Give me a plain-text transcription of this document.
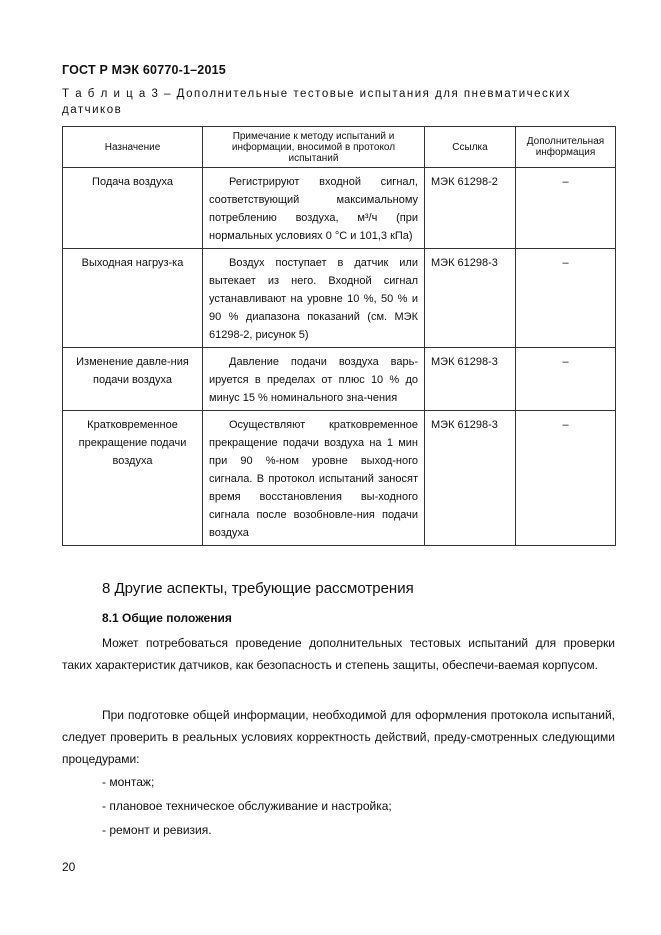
ГОСТ Р МЭК 60770-1–2015
Т а б л и ц а 3 – Дополнительные тестовые испытания для пневматических датчиков
Назначение	Примечание к методу испытаний и информации, вносимой в протокол испытаний	Ссылка	Дополнительная информация
Подача воздуха	Регистрируют входной сигнал, соответствующий максимальному потреблению воздуха, м³/ч (при нормальных условиях 0 °С и 101,3 кПа)	МЭК 61298-2	–
Выходная нагруз-ка	Воздух поступает в датчик или вытекает из него. Входной сигнал устанавливают на уровне 10 %, 50 % и 90 % диапазона показаний (см. МЭК 61298-2, рисунок 5)	МЭК 61298-3	–
Изменение давле-ния подачи воздуха	Давление подачи воздуха варь-ируется в пределах от плюс 10 % до минус 15 % номинального зна-чения	МЭК 61298-3	–
Кратковременное прекращение подачи воздуха	Осуществляют кратковременное прекращение подачи воздуха на 1 мин при 90 %-ном уровне выход-ного сигнала. В протокол испытаний заносят время восстановления вы-ходного сигнала после возобновле-ния подачи воздуха	МЭК 61298-3	–
8 Другие аспекты, требующие рассмотрения
8.1 Общие положения
Может потребоваться проведение дополнительных тестовых испытаний для проверки таких характеристик датчиков, как безопасность и степень защиты, обеспечи-ваемая корпусом.
При подготовке общей информации, необходимой для оформления протокола испытаний, следует проверить в реальных условиях корректность действий, преду-смотренных следующими процедурами:
- монтаж;
- плановое техническое обслуживание и настройка;
- ремонт и ревизия.
20
